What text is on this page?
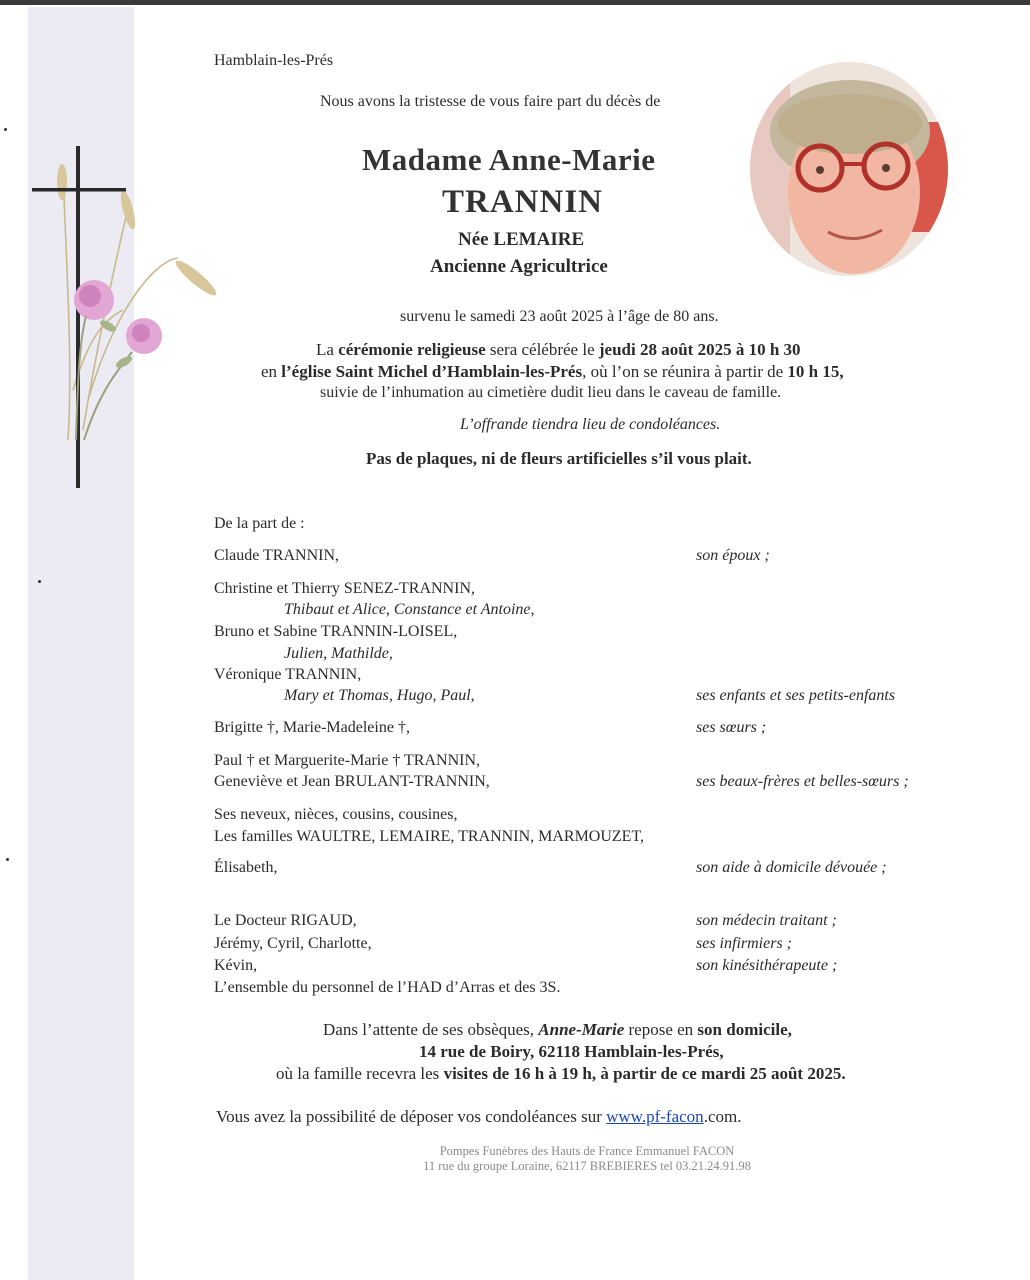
Hamblain-les-Prés
Nous avons la tristesse de vous faire part du décès de
Madame Anne-Marie
TRANNIN
Née LEMAIRE
Ancienne Agricultrice
survenu le samedi 23 août 2025 à l’âge de 80 ans.
La cérémonie religieuse sera célébrée le jeudi 28 août 2025 à 10 h 30
en l’église Saint Michel d’Hamblain-les-Prés, où l’on se réunira à partir de 10 h 15,
suivie de l’inhumation au cimetière dudit lieu dans le caveau de famille.
L’offrande tiendra lieu de condoléances.
Pas de plaques, ni de fleurs artificielles s’il vous plait.
De la part de :
Claude TRANNIN,	son époux ;
Christine et Thierry SENEZ-TRANNIN,
Thibaut et Alice, Constance et Antoine,
Bruno et Sabine TRANNIN-LOISEL,
Julien, Mathilde,
Véronique TRANNIN,
Mary et Thomas, Hugo, Paul,	ses enfants et ses petits-enfants
Brigitte †, Marie-Madeleine †,	ses sœurs ;
Paul † et Marguerite-Marie † TRANNIN,
Geneviève et Jean BRULANT-TRANNIN,	ses beaux-frères et belles-sœurs ;
Ses neveux, nièces, cousins, cousines,
Les familles WAULTRE, LEMAIRE, TRANNIN, MARMOUZET,
Élisabeth,	son aide à domicile dévouée ;
Le Docteur RIGAUD,	son médecin traitant ;
Jérémy, Cyril, Charlotte,	ses infirmiers ;
Kévin,	son kinésithérapeute ;
L’ensemble du personnel de l’HAD d’Arras et des 3S.
Dans l’attente de ses obsèques, Anne-Marie repose en son domicile,
14 rue de Boiry, 62118 Hamblain-les-Prés,
où la famille recevra les visites de 16 h à 19 h, à partir de ce mardi 25 août 2025.
Vous avez la possibilité de déposer vos condoléances sur www.pf-facon.com.
Pompes Funèbres des Hauts de France Emmanuel FACON
11 rue du groupe Loraine, 62117 BREBIERES tel 03.21.24.91.98
